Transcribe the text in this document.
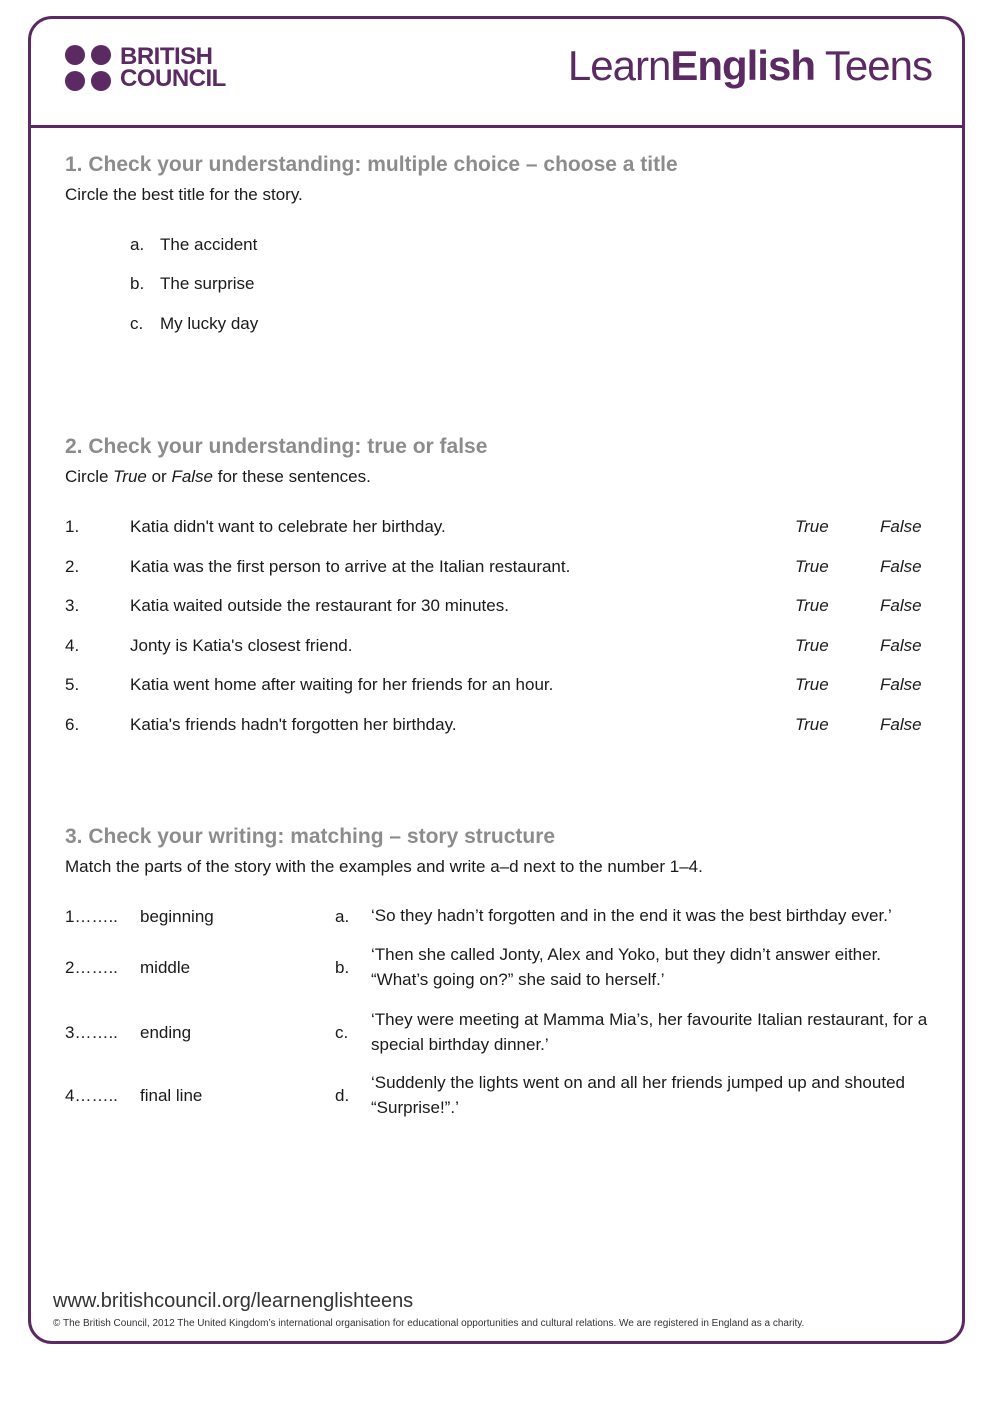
BRITISH
COUNCIL	LearnEnglish Teens
1. Check your understanding: multiple choice – choose a title
Circle the best title for the story.
a. The accident
b. The surprise
c. My lucky day
2. Check your understanding: true or false
Circle True or False for these sentences.
1.	Katia didn't want to celebrate her birthday.	True	False
2.	Katia was the first person to arrive at the Italian restaurant.	True	False
3.	Katia waited outside the restaurant for 30 minutes.	True	False
4.	Jonty is Katia's closest friend.	True	False
5.	Katia went home after waiting for her friends for an hour.	True	False
6.	Katia's friends hadn't forgotten her birthday.	True	False
3. Check your writing: matching – story structure
Match the parts of the story with the examples and write a–d next to the number 1–4.
1…….. beginning	a. ‘So they hadn’t forgotten and in the end it was the best birthday ever.’
2…….. middle	b.
‘Then she called Jonty, Alex and Yoko, but they didn’t answer either. “What’s going on?” she said to herself.’
3…….. ending	c.
‘They were meeting at Mamma Mia’s, her favourite Italian restaurant, for a special birthday dinner.’
4…….. final line	d.
‘Suddenly the lights went on and all her friends jumped up and shouted “Surprise!”.’
www.britishcouncil.org/learnenglishteens
© The British Council, 2012 The United Kingdom’s international organisation for educational opportunities and cultural relations. We are registered in England as a charity.
